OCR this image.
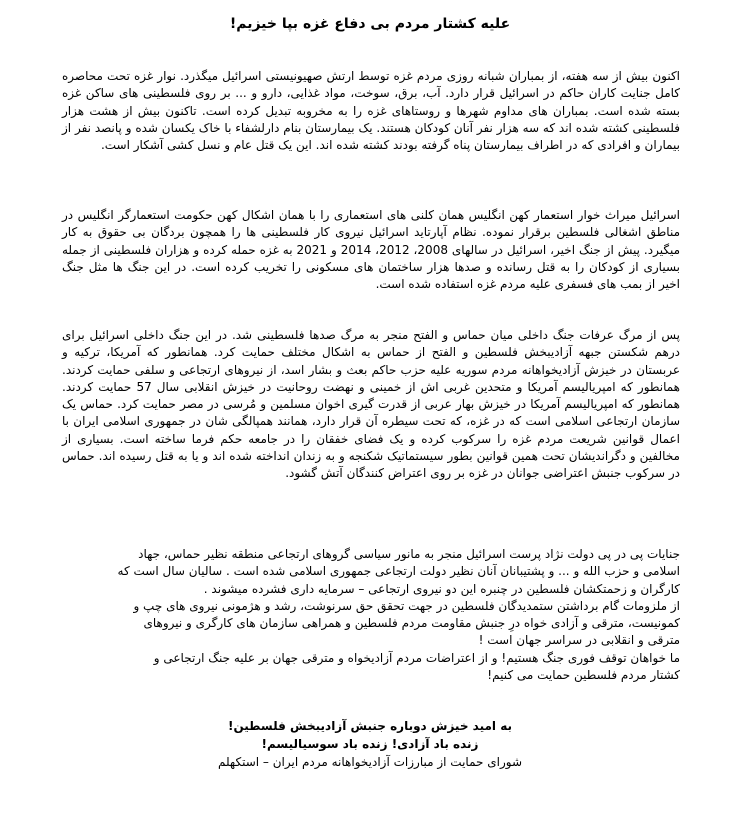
علیه کشتار مردم بی دفاع غزه بپا خیزیم!

اکنون بیش از سه هفته، از بمباران شبانه روزی مردم غزه توسط ارتش صهیونیستی اسرائیل میگذرد. نوار غزه تحت محاصره کامل جنایت کاران حاکم در اسرائیل قرار دارد. آب، برق، سوخت، مواد غذایی، دارو و ... بر روی فلسطینی های ساکن غزه بسته شده است. بمباران های مداوم شهرها و روستاهای غزه را به مخروبه تبدیل کرده است. تاکنون بیش از هشت هزار فلسطینی کشته شده اند که سه هزار نفر آنان کودکان هستند. یک بیمارستان بنام دارلشفاء با خاک یکسان شده و پانصد نفر از بیماران و افرادی که در اطراف بیمارستان پناه گرفته بودند کشته شده اند. این یک قتل عام و نسل کشی آشکار است.

اسرائیل میراث خوار استعمار کهن انگلیس همان کلنی های استعماری را با همان اشکال کهن حکومت استعمارگر انگلیس در مناطق اشغالی فلسطین برقرار نموده. نظام آپارتاید اسرائیل نیروی کار فلسطینی ها را همچون بردگان بی حقوق به کار میگیرد. پیش از جنگ اخیر، اسرائیل در سالهای 2008، 2012، 2014 و 2021 به غزه حمله کرده و هزاران فلسطینی از جمله بسیاری از کودکان را به قتل رسانده و صدها هزار ساختمان های مسکونی را تخریب کرده است. در این جنگ ها مثل جنگ اخیر از بمب های فسفری علیه مردم غزه استفاده شده است.

پس از مرگ عرفات جنگ داخلی میان حماس و الفتح منجر به مرگ صدها فلسطینی شد. در این جنگ داخلی اسرائیل برای درهم شکستن جبهه آزادیبخش فلسطین و الفتح از حماس به اشکال مختلف حمایت کرد. همانطور که آمریکا، ترکیه و عربستان در خیزش آزادیخواهانه مردم سوریه علیه حزب حاکم بعث و بشار اسد، از نیروهای ارتجاعی و سلفی حمایت کردند. همانطور که امپریالیسم آمریکا و متحدین غربی اش از خمینی و نهضت روحانیت در خیزش انقلابی سال 57 حمایت کردند. همانطور که امپریالیسم آمریکا در خیزش بهار عربی از قدرت گیری اخوان مسلمین و مُرسی در مصر حمایت کرد. حماس یک سازمان ارتجاعی اسلامی است که در غزه، که تحت سیطره آن قرار دارد، همانند همپالگی شان در جمهوری اسلامی ایران با اعمال قوانین شریعت مردم غزه را سرکوب کرده و یک فضای خفقان را در جامعه حکم فرما ساخته است. بسیاری از مخالفین و دگراندیشان تحت همین قوانین بطور سیستماتیک شکنجه و به زندان انداخته شده اند و یا به قتل رسیده اند. حماس در سرکوب جنبش اعتراضی جوانان در غزه بر روی اعتراض کنندگان آتش گشود.

جنایات پی در پی دولت نژاد پرست اسرائیل منجر به مانور سیاسی گروهای ارتجاعی منطقه نظیر حماس، جهاد
اسلامی و حزب الله و ... و پشتیبانان آنان نظیر دولت ارتجاعی جمهوری اسلامی شده است . سالیان سال است که
کارگران و زحمتکشان فلسطین در چنبره این دو نیروی ارتجاعی – سرمایه داری فشرده میشوند .
از ملزومات گام برداشتن ستمدیدگان فلسطین در جهت تحقق حق سرنوشت، رشد و هژمونی نیروی های چپ و
کمونیست، مترقی و آزادی خواه درِ جنبش مقاومت مردم فلسطین و همراهی سازمان های کارگری و نیروهای
مترقی و انقلابی در سراسر جهان است !
ما خواهان توقف فوری جنگ هستیم! و از اعتراضات مردم آزادیخواه و مترقی جهان بر علیه جنگ ارتجاعی و
کشتار مردم فلسطین حمایت می کنیم!
به امید خیزش دوباره جنبش آزادیبخش فلسطین!
زنده باد آزادی! زنده باد سوسیالیسم!
شورای حمایت از مبارزات آزادیخواهانه مردم ایران – استکهلم
